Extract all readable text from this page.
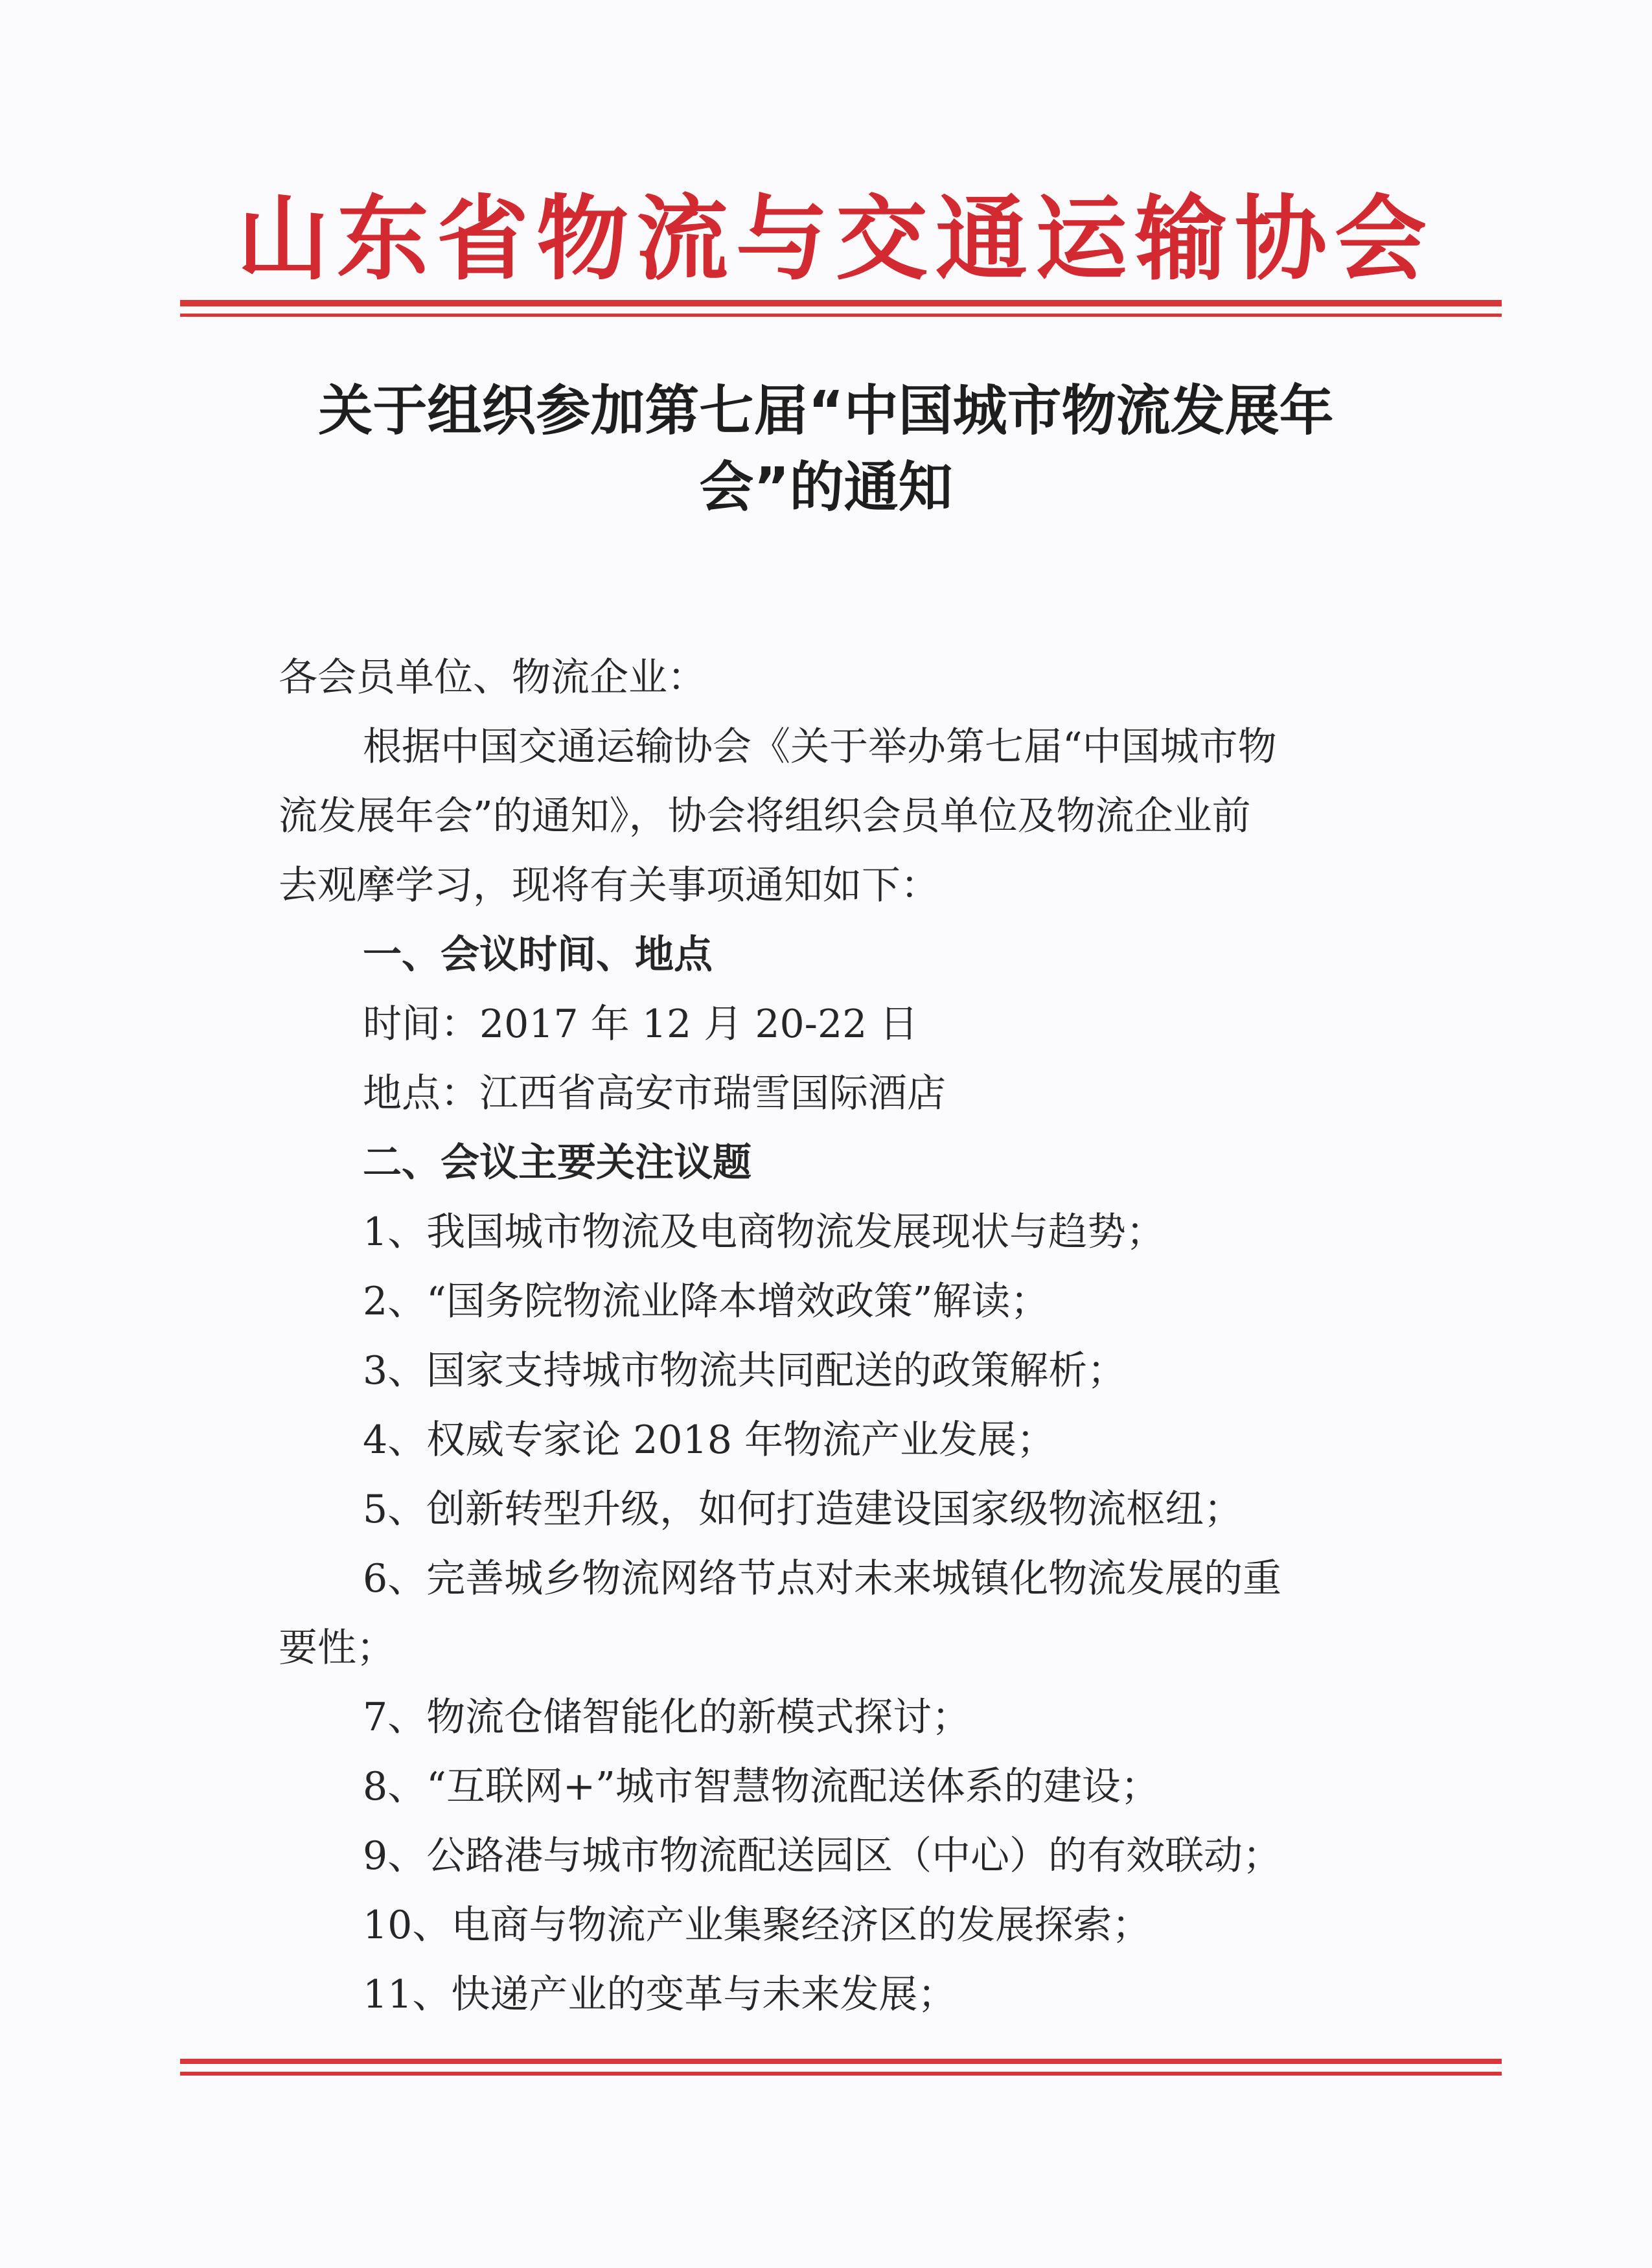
山东省物流与交通运输协会
关于组织参加第七届“中国城市物流发展年
会”的通知
各会员单位、物流企业：
根据中国交通运输协会《关于举办第七届“中国城市物
流发展年会”的通知》，协会将组织会员单位及物流企业前
去观摩学习，现将有关事项通知如下：
一、会议时间、地点
时间：2017 年 12 月 20-22 日
地点：江西省高安市瑞雪国际酒店
二、会议主要关注议题
1、我国城市物流及电商物流发展现状与趋势；
2、“国务院物流业降本增效政策”解读；
3、国家支持城市物流共同配送的政策解析；
4、权威专家论 2018 年物流产业发展；
5、创新转型升级，如何打造建设国家级物流枢纽；
6、完善城乡物流网络节点对未来城镇化物流发展的重
要性；
7、物流仓储智能化的新模式探讨；
8、“互联网+”城市智慧物流配送体系的建设；
9、公路港与城市物流配送园区（中心）的有效联动；
10、电商与物流产业集聚经济区的发展探索；
11、快递产业的变革与未来发展；
